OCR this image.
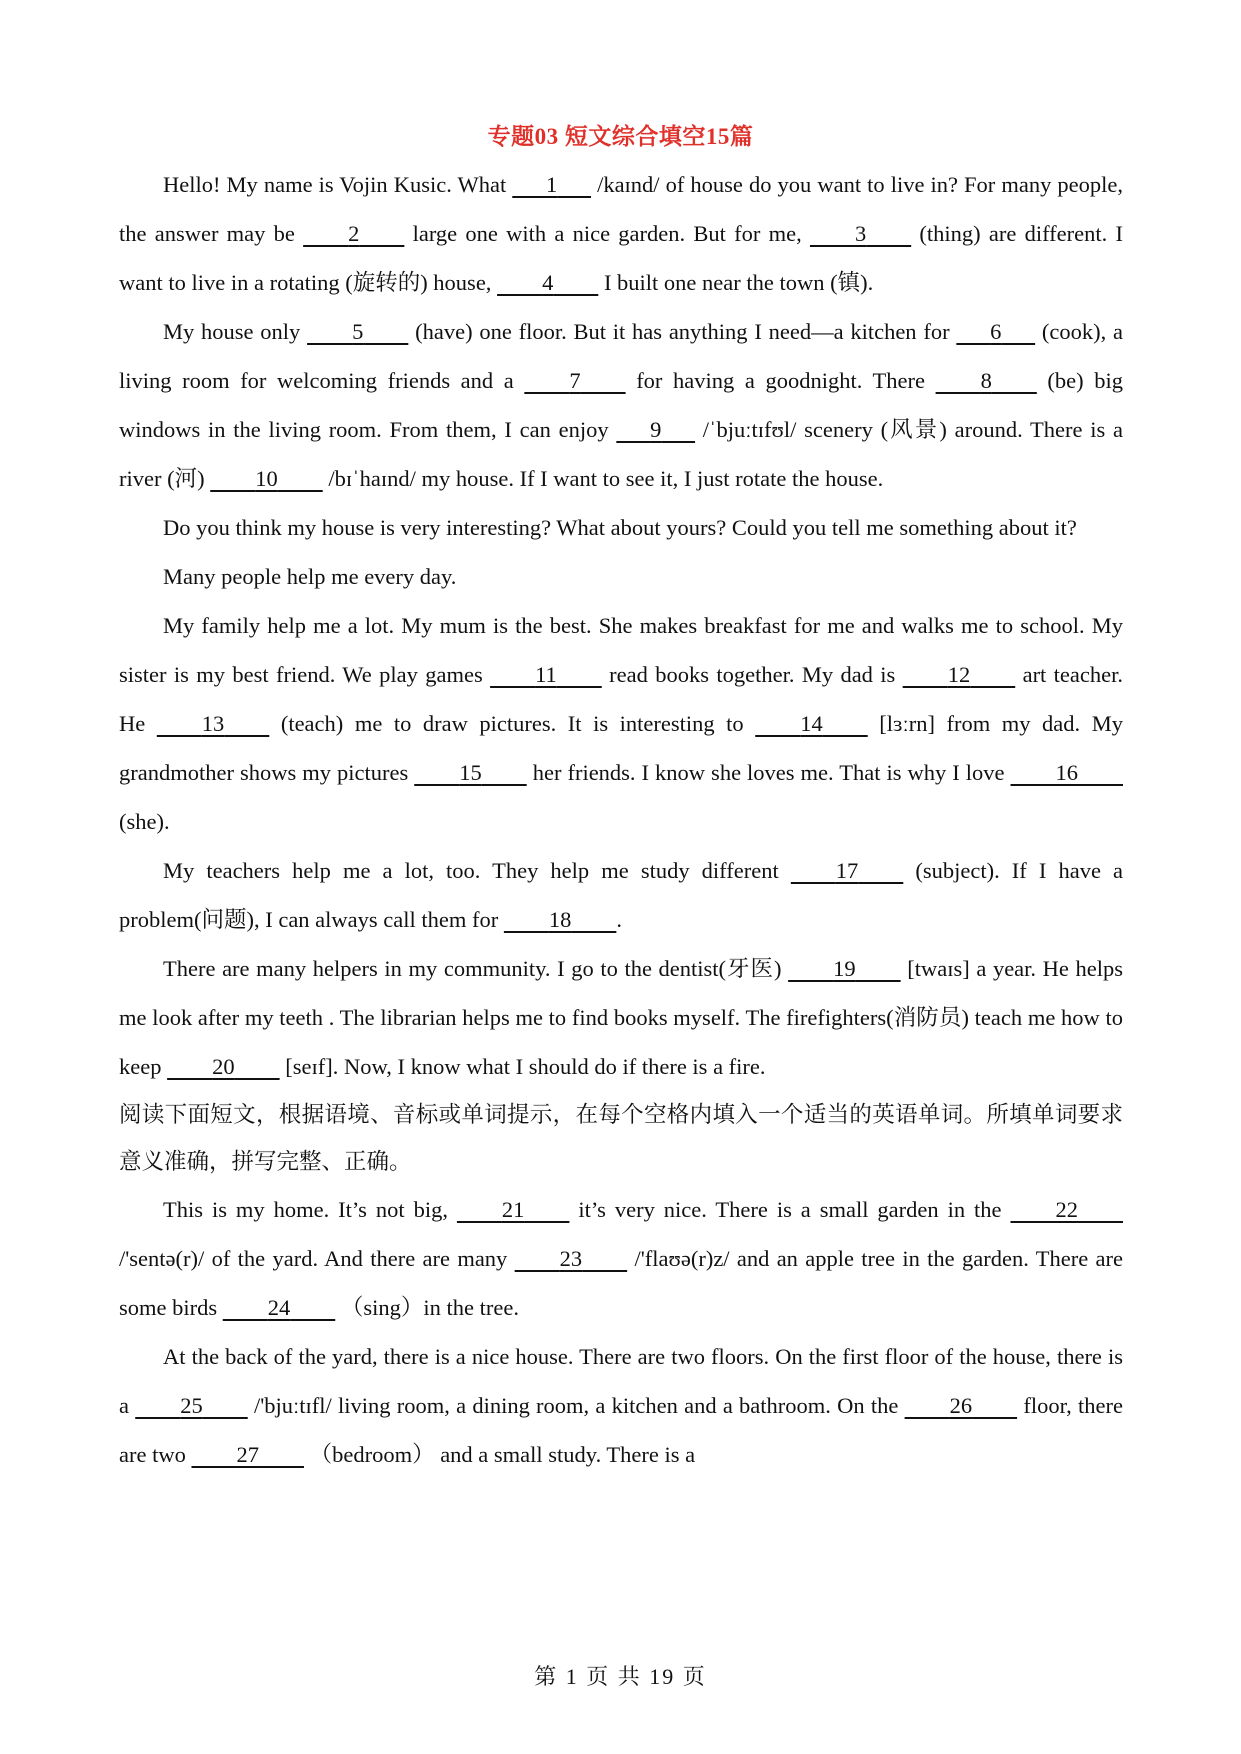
专题03 短文综合填空15篇

Hello! My name is Vojin Kusic. What       1       /kaɪnd/ of house do you want to live in? For many people, the answer may be         2         large one with a nice garden. But for me,         3         (thing) are different. I want to live in a rotating (旋转的) house,         4         I built one near the town (镇).

My house only         5         (have) one floor. But it has anything I need—a kitchen for       6       (cook), a living room for welcoming friends and a         7         for having a goodnight. There         8         (be) big windows in the living room. From them, I can enjoy       9       /ˈbjuːtɪfʊl/ scenery (风景) around. There is a river (河)         10         /bɪˈhaɪnd/ my house. If I want to see it, I just rotate the house.

Do you think my house is very interesting? What about yours? Could you tell me something about it?

Many people help me every day.

My family help me a lot. My mum is the best. She makes breakfast for me and walks me to school. My sister is my best friend. We play games         11         read books together. My dad is         12         art teacher. He         13         (teach) me to draw pictures. It is interesting to         14         [lɜːrn] from my dad. My grandmother shows my pictures         15         her friends. I know she loves me. That is why I love         16         (she).

My teachers help me a lot, too. They help me study different         17         (subject). If I have a problem(问题), I can always call them for         18 .

There are many helpers in my community. I go to the dentist(牙医)         19         [twaɪs] a year. He helps me look after my teeth . The librarian helps me to find books myself. The firefighters(消防员) teach me how to keep         20         [seɪf]. Now, I know what I should do if there is a fire.

阅读下面短文，根据语境、音标或单词提示，在每个空格内填入一个适当的英语单词。所填单词要求意义准确，拼写完整、正确。

This is my home. It’s not big,         21         it’s very nice. There is a small garden in the         22         /'sentə(r)/ of the yard. And there are many         23         /'flaʊə(r)z/ and an apple tree in the garden. There are some birds         24         （sing）in the tree.

At the back of the yard, there is a nice house. There are two floors. On the first floor of the house, there is a         25         /'bjuːtɪfl/ living room, a dining room, a kitchen and a bathroom. On the         26         floor, there are two         27         （bedroom） and a small study. There is a

第 1 页 共 19 页
